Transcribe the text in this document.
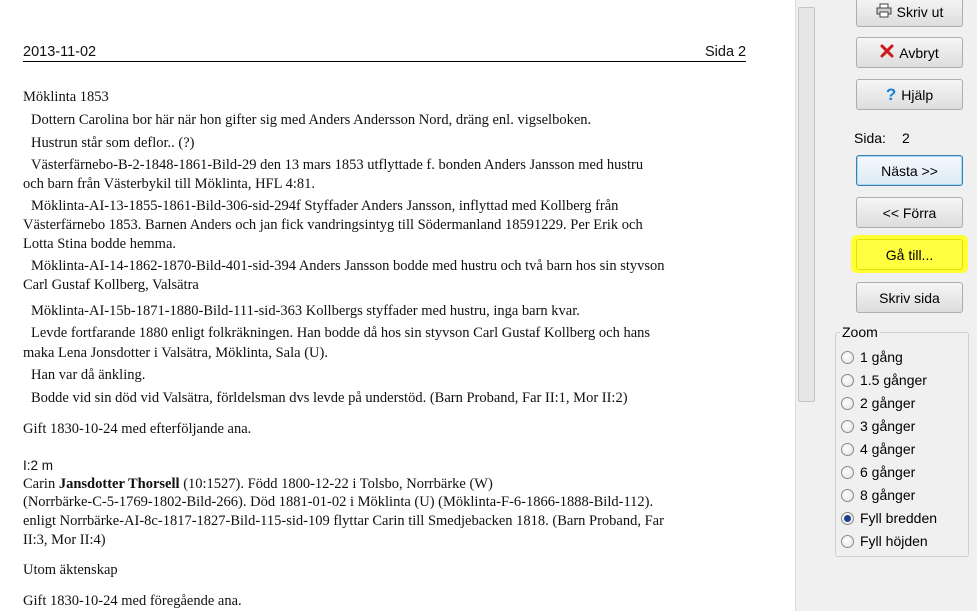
2013-11-02	Sida 2
Möklinta 1853
Dottern Carolina bor här när hon gifter sig med Anders Andersson Nord, dräng enl. vigselboken.
Hustrun står som deflor.. (?)
Västerfärnebo-B-2-1848-1861-Bild-29 den 13 mars 1853 utflyttade f. bonden Anders Jansson med hustru
och barn från Västerbykil till Möklinta, HFL 4:81.
Möklinta-AI-13-1855-1861-Bild-306-sid-294f Styffader Anders Jansson, inflyttad med Kollberg från
Västerfärnebo 1853. Barnen Anders och jan fick vandringsintyg till Södermanland 18591229. Per Erik och
Lotta Stina bodde hemma.
Möklinta-AI-14-1862-1870-Bild-401-sid-394 Anders Jansson bodde med hustru och två barn hos sin styvson
Carl Gustaf Kollberg, Valsätra
Möklinta-AI-15b-1871-1880-Bild-111-sid-363 Kollbergs styffader med hustru, inga barn kvar.
Levde fortfarande 1880 enligt folkräkningen. Han bodde då hos sin styvson Carl Gustaf Kollberg och hans
maka Lena Jonsdotter i Valsätra, Möklinta, Sala (U).
Han var då änkling.
Bodde vid sin död vid Valsätra, förldelsman dvs levde på understöd. (Barn Proband, Far II:1, Mor II:2)
Gift 1830-10-24 med efterföljande ana.
I:2 m
Carin Jansdotter Thorsell (10:1527). Född 1800-12-22 i Tolsbo, Norrbärke (W)
(Norrbärke-C-5-1769-1802-Bild-266). Död 1881-01-02 i Möklinta (U) (Möklinta-F-6-1866-1888-Bild-112).
enligt Norrbärke-AI-8c-1817-1827-Bild-115-sid-109 flyttar Carin till Smedjebacken 1818. (Barn Proband, Far
II:3, Mor II:4)
Utom äktenskap
Gift 1830-10-24 med föregående ana.
Skriv ut
Avbryt
? Hjälp
Sida: 2
Nästa >>
<< Förra
Gå till...
Skriv sida
Zoom
1 gång
1.5 gånger
2 gånger
3 gånger
4 gånger
6 gånger
8 gånger
Fyll bredden
Fyll höjden
